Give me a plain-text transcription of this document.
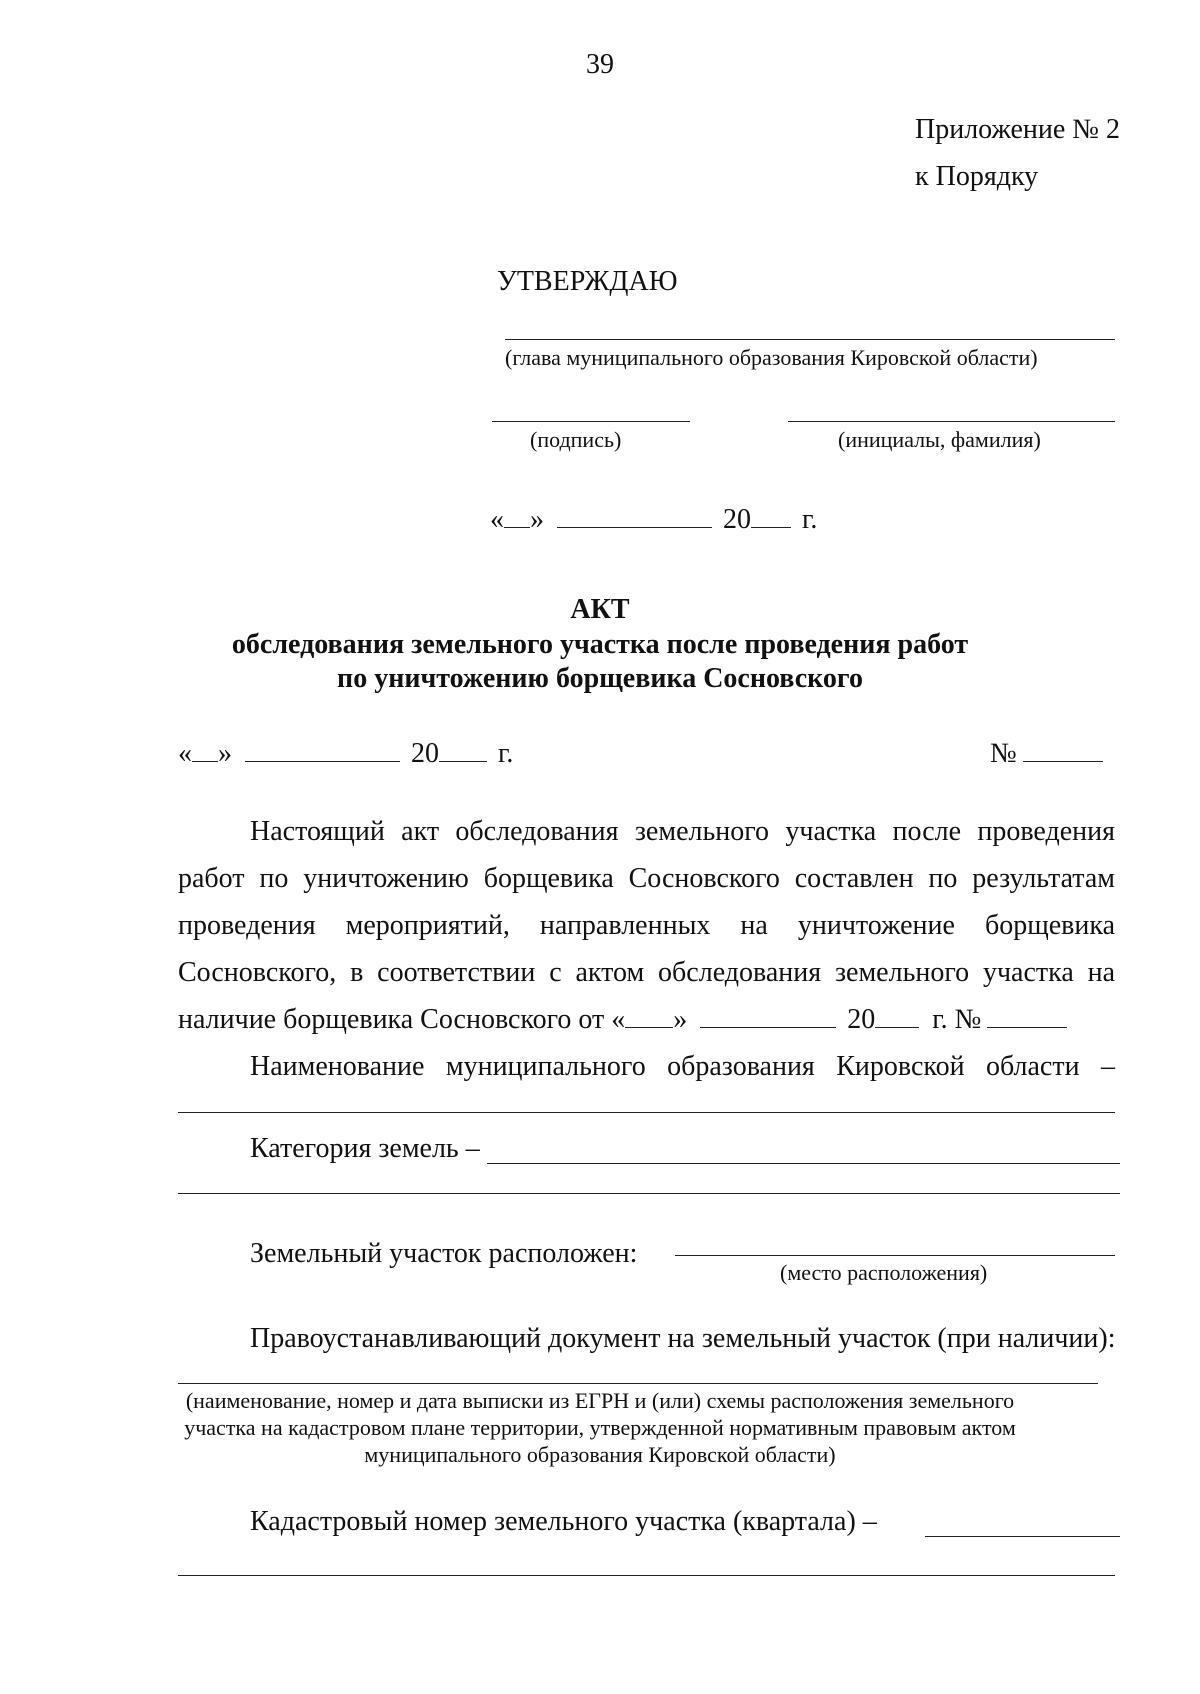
39
Приложение № 2
к Порядку
УТВЕРЖДАЮ
(глава муниципального образования Кировской области)
(подпись)	(инициалы, фамилия)
« »	20 г.
АКТ
обследования земельного участка после проведения работ
по уничтожению борщевика Сосновского
« »	20 г.	№
Настоящий акт обследования земельного участка после проведения
работ по уничтожению борщевика Сосновского составлен по результатам
проведения мероприятий, направленных на уничтожение борщевика
Сосновского, в соответствии с актом обследования земельного участка на
наличие борщевика Сосновского от « »	20 г. №
Наименование муниципального образования Кировской области –
Категория земель –
Земельный участок расположен:
(место расположения)
Правоустанавливающий документ на земельный участок (при наличии):
(наименование, номер и дата выписки из ЕГРН и (или) схемы расположения земельного
участка на кадастровом плане территории, утвержденной нормативным правовым актом
муниципального образования Кировской области)
Кадастровый номер земельного участка (квартала) –
